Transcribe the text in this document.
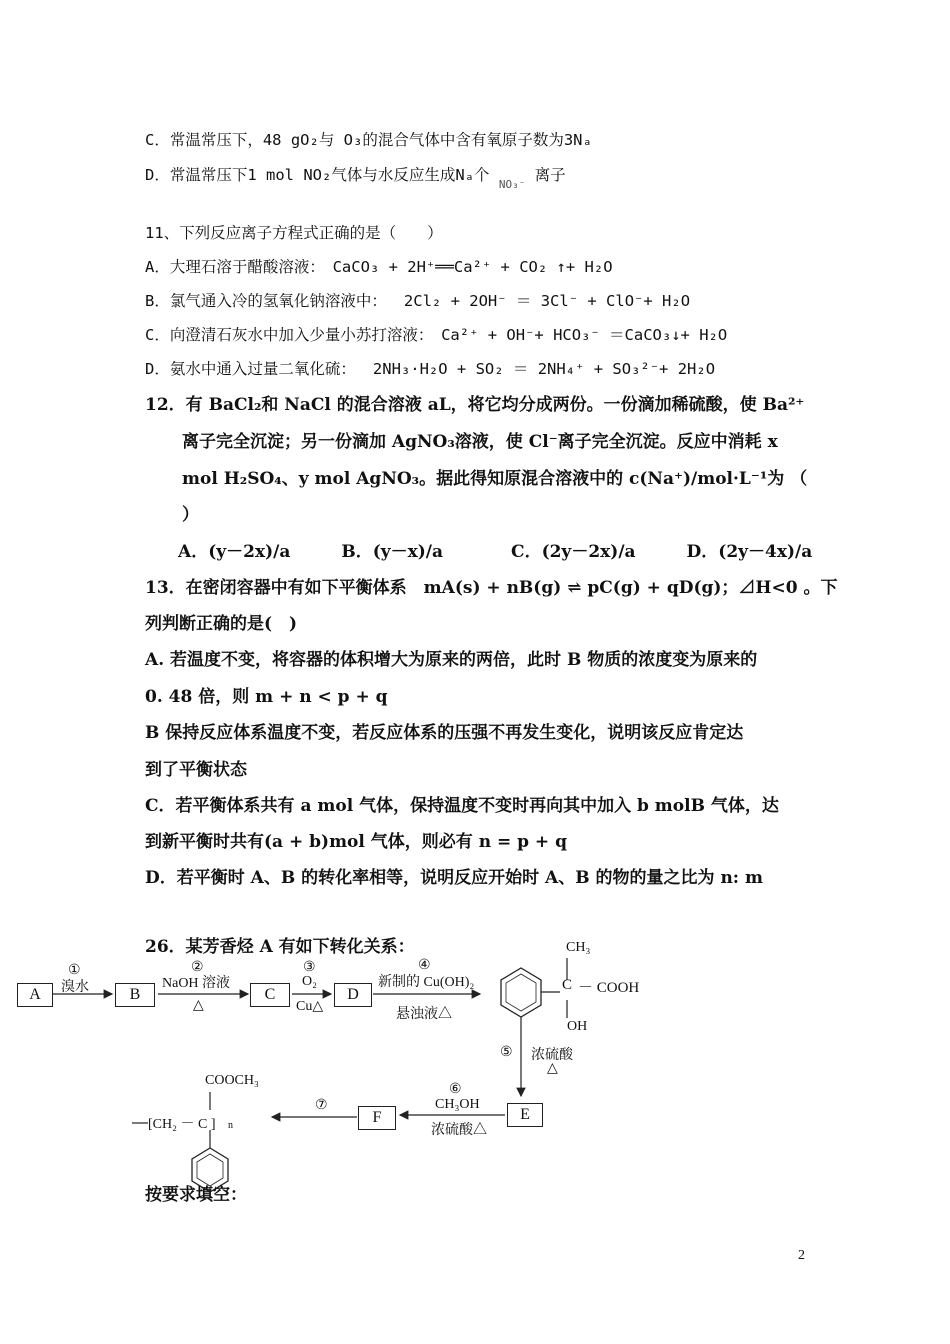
C．常温常压下，48 gO₂与 O₃的混合气体中含有氧原子数为3Nₐ
D．常温常压下1 mol NO₂气体与水反应生成Nₐ个 $_{NO_3^-}$ 离子
11、下列反应离子方程式正确的是（　　）
A．大理石溶于醋酸溶液：　CaCO₃ + 2H⁺══Ca²⁺ + CO₂ ↑+ H₂O
B．氯气通入冷的氢氧化钠溶液中：　 2Cl₂ + 2OH⁻ ＝ 3Cl⁻ + ClO⁻+ H₂O
C．向澄清石灰水中加入少量小苏打溶液：　Ca²⁺ + OH⁻+ HCO₃⁻ ＝CaCO₃↓+ H₂O
D．氨水中通入过量二氧化硫：　 2NH₃·H₂O + SO₂ ＝ 2NH₄⁺ + SO₃²⁻+ 2H₂O
12．有 BaCl₂和 NaCl 的混合溶液 aL，将它均分成两份。一份滴加稀硫酸，使 Ba²⁺
离子完全沉淀；另一份滴加 AgNO₃溶液，使 Cl⁻离子完全沉淀。反应中消耗 x
mol H₂SO₄、y mol AgNO₃。据此得知原混合溶液中的 c(Na⁺)/mol·L⁻¹为 （
）
A．(y－2x)/a　　　B．(y－x)/a　　　　C．(2y－2x)/a　　　D．(2y－4x)/a
13．在密闭容器中有如下平衡体系　mA(s) + nB(g) ⇌ pC(g) + qD(g)；⊿H<0 。下
列判断正确的是(　)
A. 若温度不变，将容器的体积增大为原来的两倍，此时 B 物质的浓度变为原来的
0. 48 倍，则 m + n < p + q
B 保持反应体系温度不变，若反应体系的压强不再发生变化，说明该反应肯定达
到了平衡状态
C．若平衡体系共有 a mol 气体，保持温度不变时再向其中加入 b molB 气体，达
到新平衡时共有(a + b)mol 气体，则必有 n = p + q
D．若平衡时 A、B 的转化率相等，说明反应开始时 A、B 的物的量之比为 n: m
26．某芳香烃 A 有如下转化关系：
A	B	C	D
E
F
①
溴水
②
NaOH 溶液
△
③
O₂
Cu△
④
新制的 Cu(OH)₂
悬浊液△
CH₃
C － COOH
OH
⑤ 浓硫酸
△
⑥
CH₃OH
浓硫酸△
⑦
COOCH₃
[CH₂ － C ] n
按要求填空：
2
